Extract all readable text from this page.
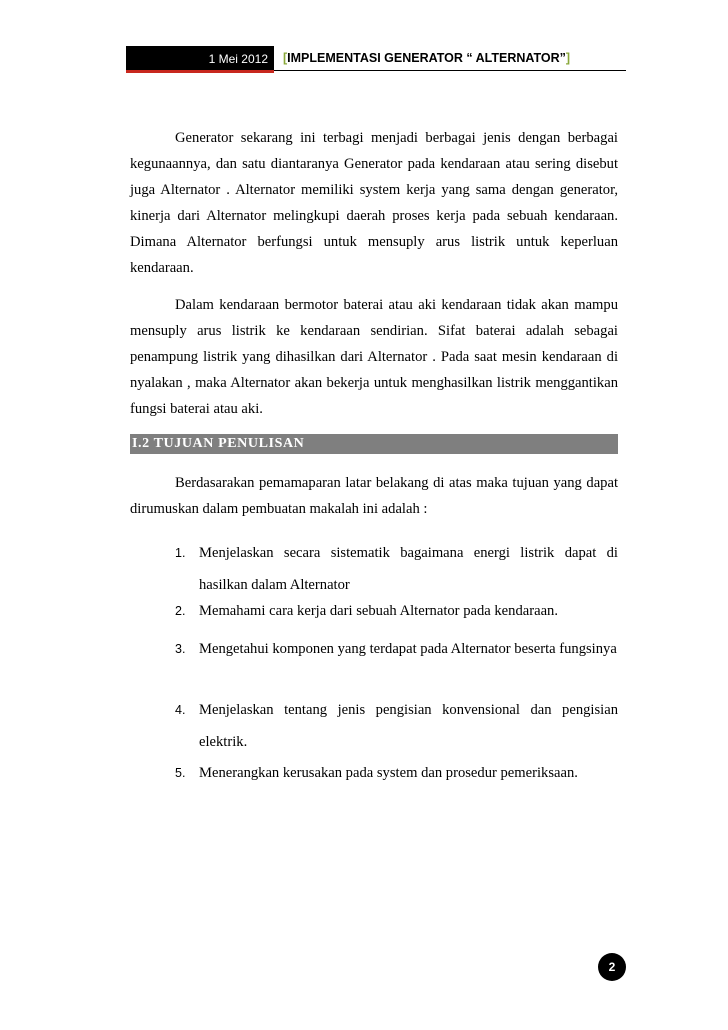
1 Mei 2012 [IMPLEMENTASI GENERATOR “ ALTERNATOR”]

Generator sekarang ini terbagi menjadi berbagai jenis dengan berbagai kegunaannya, dan satu diantaranya Generator pada kendaraan atau sering disebut juga Alternator . Alternator memiliki system kerja yang sama dengan generator, kinerja dari Alternator melingkupi daerah proses kerja pada sebuah kendaraan. Dimana Alternator berfungsi untuk mensuply arus listrik untuk keperluan kendaraan.

Dalam kendaraan bermotor baterai atau aki kendaraan tidak akan mampu mensuply arus listrik ke kendaraan sendirian. Sifat baterai adalah sebagai penampung listrik yang dihasilkan dari Alternator . Pada saat mesin kendaraan di nyalakan , maka Alternator akan bekerja untuk menghasilkan listrik menggantikan fungsi baterai atau aki.

I.2 TUJUAN PENULISAN

Berdasarakan pemamaparan latar belakang di atas maka tujuan yang dapat dirumuskan dalam pembuatan makalah ini adalah :

1. Menjelaskan secara sistematik bagaimana energi listrik dapat di hasilkan dalam Alternator
2. Memahami cara kerja dari sebuah Alternator pada kendaraan.
3. Mengetahui komponen yang terdapat pada Alternator beserta fungsinya
4. Menjelaskan tentang jenis pengisian konvensional dan pengisian elektrik.
5. Menerangkan kerusakan pada system dan prosedur pemeriksaan.
2
